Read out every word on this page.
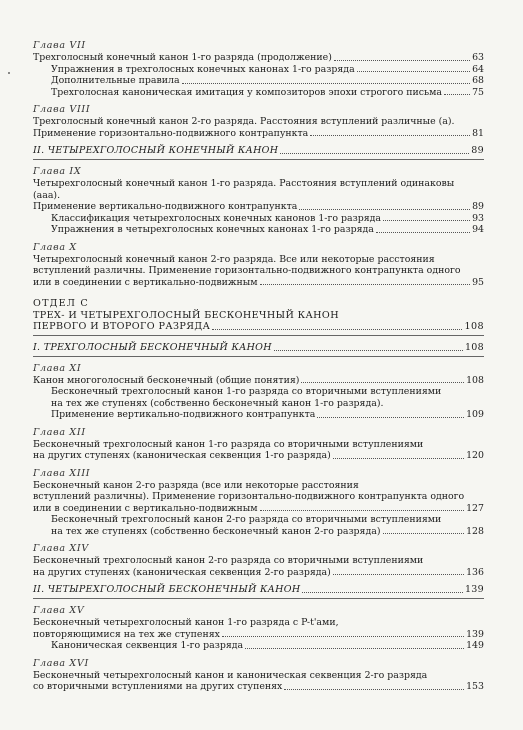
Глава VII
Трехголосный конечный канон 1-го разряда (продолжение)	63
Упражнения в трехголосных конечных канонах 1-го разряда	64
Дополнительные правила	68
Трехголосная каноническая имитация у композиторов эпохи строгого письма	75
Глава VIII
Трехголосный конечный канон 2-го разряда. Расстояния вступлений различные (а).
Применение горизонтально-подвижного контрапункта	81
II. ЧЕТЫРЕХГОЛОСНЫЙ КОНЕЧНЫЙ КАНОН	89
Глава IX
Четырехголосный конечный канон 1-го разряда. Расстояния вступлений одинаковы (ааа).
Применение вертикально-подвижного контрапункта	89
Классификация четырехголосных конечных канонов 1-го разряда	93
Упражнения в четырехголосных конечных канонах 1-го разряда	94
Глава X
Четырехголосный конечный канон 2-го разряда. Все или некоторые расстояния
вступлений различны. Применение горизонтально-подвижного контрапункта одного
или в соединении с вертикально-подвижным	95
ОТДЕЛ С
ТРЕХ- И ЧЕТЫРЕХГОЛОСНЫЙ БЕСКОНЕЧНЫЙ КАНОН
ПЕРВОГО И ВТОРОГО РАЗРЯДА	108
I. ТРЕХГОЛОСНЫЙ БЕСКОНЕЧНЫЙ КАНОН	108
Глава XI
Канон многоголосный бесконечный (общие понятия)	108
Бесконечный трехголосный канон 1-го разряда со вторичными вступлениями
на тех же ступенях (собственно бесконечный канон 1-го разряда).
Применение вертикально-подвижного контрапункта	109
Глава XII
Бесконечный трехголосный канон 1-го разряда со вторичными вступлениями
на других ступенях (каноническая секвенция 1-го разряда)	120
Глава XIII
Бесконечный канон 2-го разряда (все или некоторые расстояния
вступлений различны). Применение горизонтально-подвижного контрапункта одного
или в соединении с вертикально-подвижным	127
Бесконечный трехголосный канон 2-го разряда со вторичными вступлениями
на тех же ступенях (собственно бесконечный канон 2-го разряда)	128
Глава XIV
Бесконечный трехголосный канон 2-го разряда со вторичными вступлениями
на других ступенях (каноническая секвенция 2-го разряда)	136
II. ЧЕТЫРЕХГОЛОСНЫЙ БЕСКОНЕЧНЫЙ КАНОН	139
Глава XV
Бесконечный четырехголосный канон 1-го разряда с P-t'ами,
повторяющимися на тех же ступенях	139
Каноническая секвенция 1-го разряда	149
Глава XVI
Бесконечный четырехголосный канон и каноническая секвенция 2-го разряда
со вторичными вступлениями на других ступенях	153
